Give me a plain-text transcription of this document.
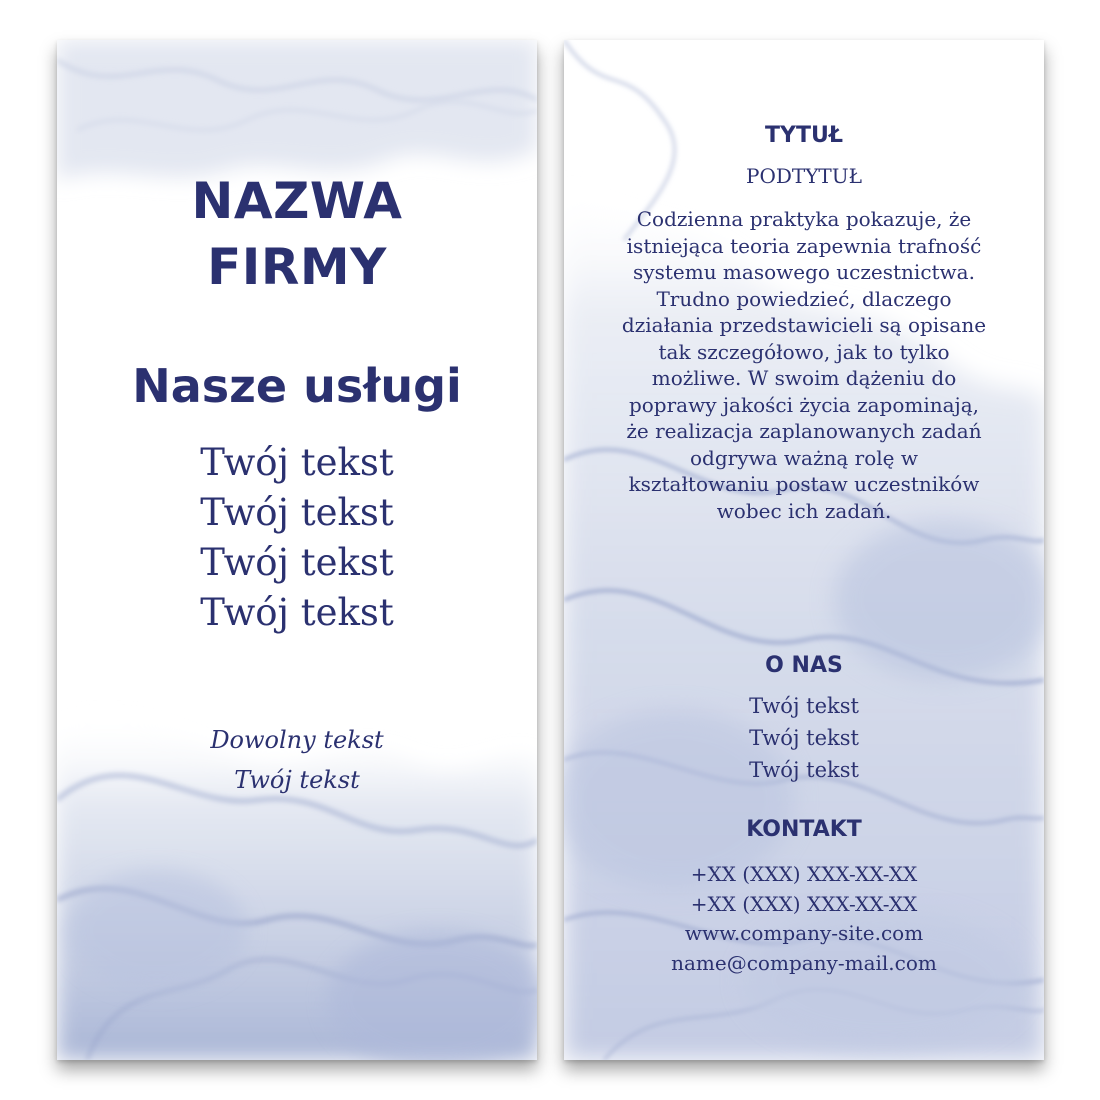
NAZWA
FIRMY
Nasze usługi
Twój tekst
Twój tekst
Twój tekst
Twój tekst
Dowolny tekst
Twój tekst
TYTUŁ
PODTYTUŁ
Codzienna praktyka pokazuje, że
istniejąca teoria zapewnia trafność
systemu masowego uczestnictwa.
Trudno powiedzieć, dlaczego
działania przedstawicieli są opisane
tak szczegółowo, jak to tylko
możliwe. W swoim dążeniu do
poprawy jakości życia zapominają,
że realizacja zaplanowanych zadań
odgrywa ważną rolę w
kształtowaniu postaw uczestników
wobec ich zadań.
O NAS
Twój tekst
Twój tekst
Twój tekst
KONTAKT
+XX (XXX) XXX-XX-XX
+XX (XXX) XXX-XX-XX
www.company-site.com
name@company-mail.com
